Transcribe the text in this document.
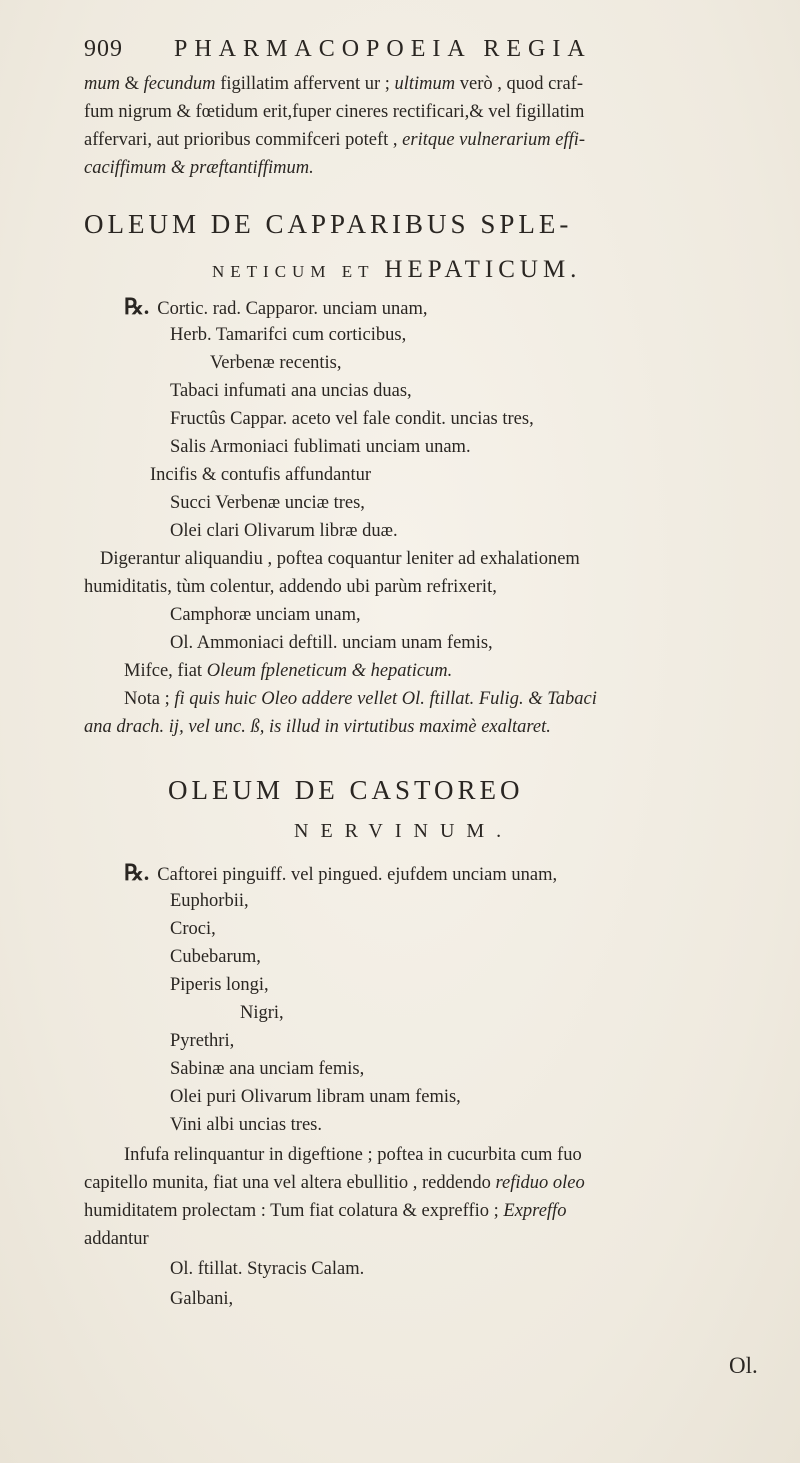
909 PHARMACOPOEIA REGIA
mum & fecundum figillatim affervent ur ; ultimum verò , quod craf-
fum nigrum & fœtidum erit,fuper cineres rectificari,& vel figillatim
affervari, aut prioribus commifceri poteft , eritque vulnerarium effi-
caciffimum & præftantiffimum.
OLEUM DE CAPPARIBUS SPLE-
NETICUM ET HEPATICUM.
℞. Cortic. rad. Capparor. unciam unam,
Herb. Tamarifci cum corticibus,
Verbenæ recentis,
Tabaci infumati ana uncias duas,
Fructûs Cappar. aceto vel fale condit. uncias tres,
Salis Armoniaci fublimati unciam unam.
Incifis & contufis affundantur
Succi Verbenæ unciæ tres,
Olei clari Olivarum libræ duæ.
Digerantur aliquandiu , poftea coquantur leniter ad exhalationem
humiditatis, tùm colentur, addendo ubi parùm refrixerit,
Camphoræ unciam unam,
Ol. Ammoniaci deftill. unciam unam femis,
Mifce, fiat Oleum fpleneticum & hepaticum.
Nota ; fi quis huic Oleo addere vellet Ol. ftillat. Fulig. & Tabaci
ana drach. ij, vel unc. ß, is illud in virtutibus maximè exaltaret.
OLEUM DE CASTOREO
NERVINUM.
℞. Caftorei pinguiff. vel pingued. ejufdem unciam unam,
Euphorbii,
Croci,
Cubebarum,
Piperis longi,
Nigri,
Pyrethri,
Sabinæ ana unciam femis,
Olei puri Olivarum libram unam femis,
Vini albi uncias tres.
Infufa relinquantur in digeftione ; poftea in cucurbita cum fuo
capitello munita, fiat una vel altera ebullitio , reddendo refiduo oleo
humiditatem prolectam : Tum fiat colatura & expreffio ; Expreffo
addantur
Ol. ftillat. Styracis Calam.
Galbani,
Ol.
